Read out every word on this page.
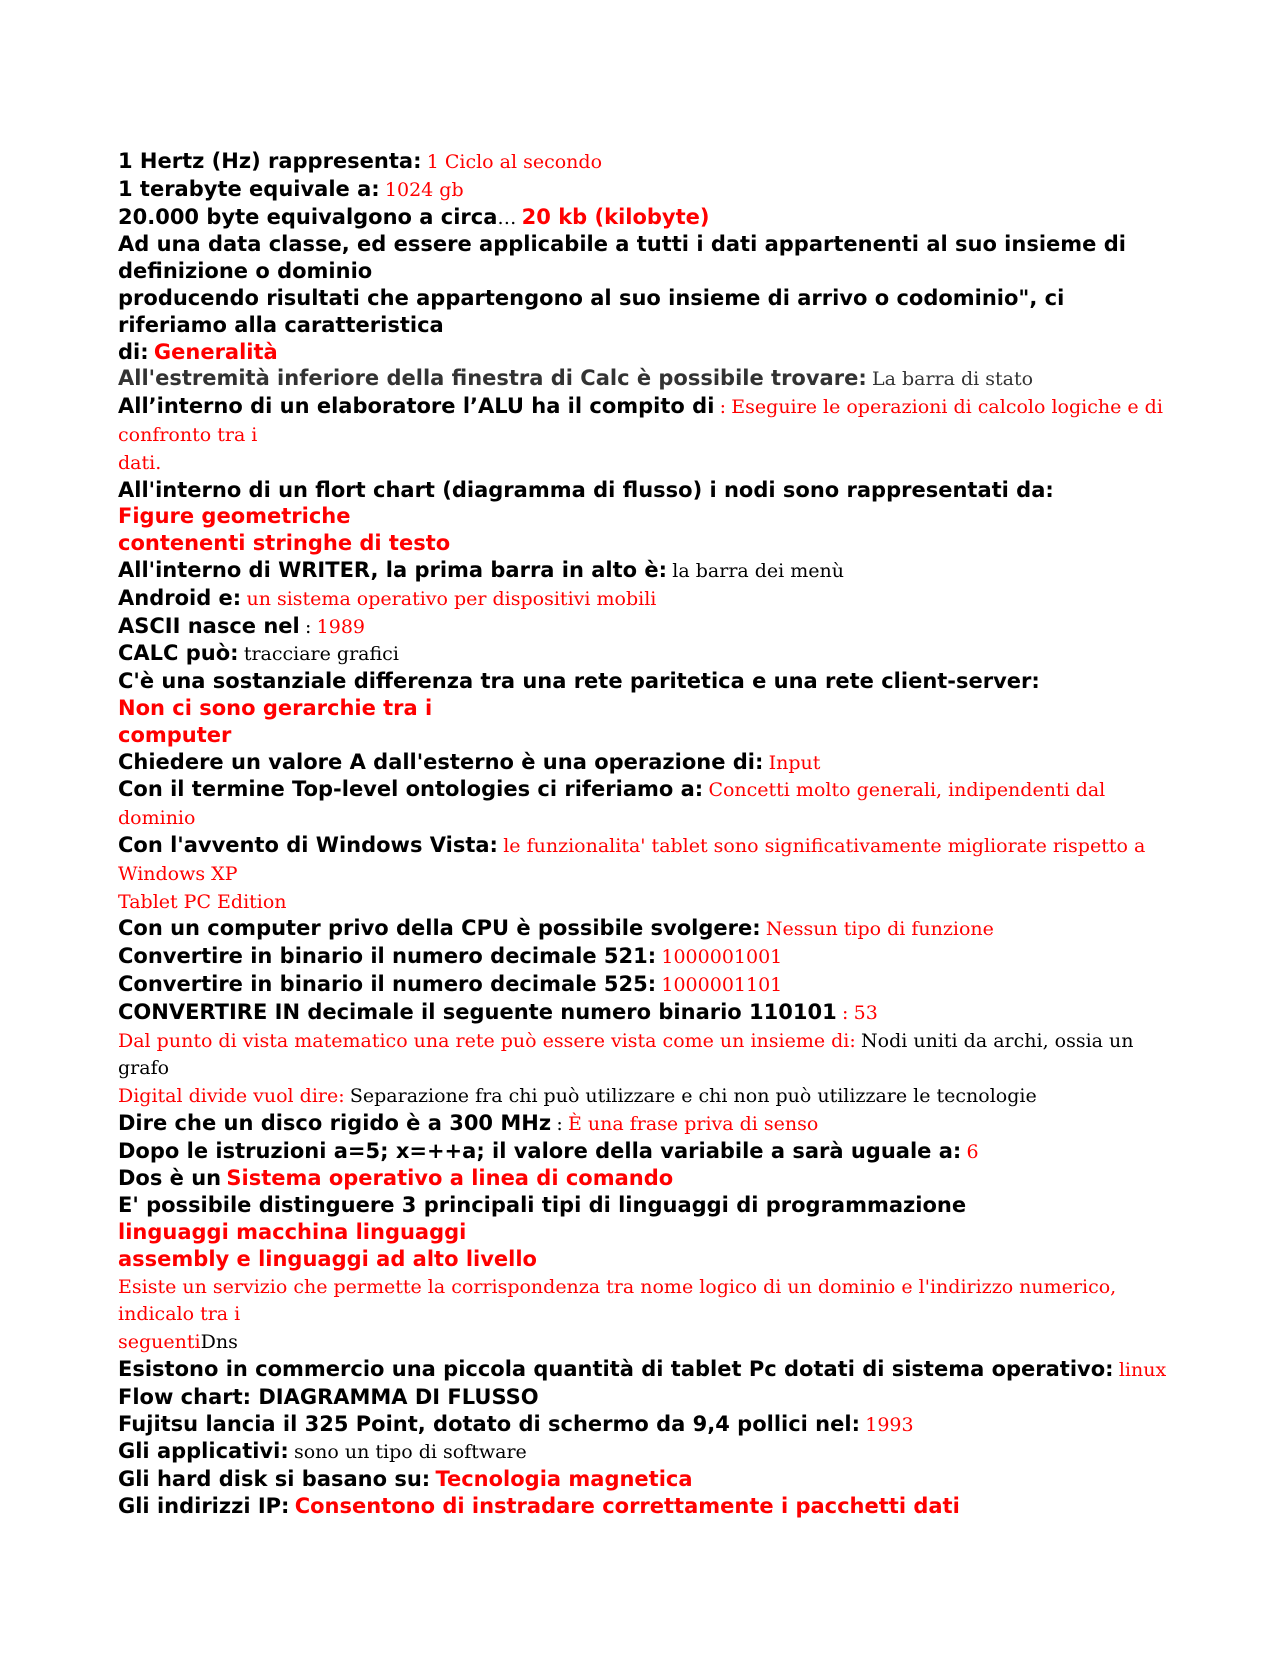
1 Hertz (Hz) rappresenta: 1 Ciclo al secondo
1 terabyte equivale a: 1024 gb
20.000 byte equivalgono a circa… 20 kb (kilobyte)
Ad una data classe, ed essere applicabile a tutti i dati appartenenti al suo insieme di definizione o dominio
producendo risultati che appartengono al suo insieme di arrivo o codominio", ci riferiamo alla caratteristica
di: Generalità
All'estremità inferiore della finestra di Calc è possibile trovare: La barra di stato
All’interno di un elaboratore l’ALU ha il compito di : Eseguire le operazioni di calcolo logiche e di confronto tra i
dati.
All'interno di un flort chart (diagramma di flusso) i nodi sono rappresentati da:
Figure geometriche
contenenti stringhe di testo
All'interno di WRITER, la prima barra in alto è: la barra dei menù
Android e: un sistema operativo per dispositivi mobili
ASCII nasce nel : 1989
CALC può: tracciare grafici
C'è una sostanziale differenza tra una rete paritetica e una rete client-server:
Non ci sono gerarchie tra i
computer
Chiedere un valore A dall'esterno è una operazione di: Input
Con il termine Top-level ontologies ci riferiamo a: Concetti molto generali, indipendenti dal dominio
Con l'avvento di Windows Vista: le funzionalita' tablet sono significativamente migliorate rispetto a Windows XP
Tablet PC Edition
Con un computer privo della CPU è possibile svolgere: Nessun tipo di funzione
Convertire in binario il numero decimale 521: 1000001001
Convertire in binario il numero decimale 525: 1000001101
CONVERTIRE IN decimale il seguente numero binario 110101 : 53
Dal punto di vista matematico una rete può essere vista come un insieme di: Nodi uniti da archi, ossia un grafo
Digital divide vuol dire: Separazione fra chi può utilizzare e chi non può utilizzare le tecnologie
Dire che un disco rigido è a 300 MHz : È una frase priva di senso
Dopo le istruzioni a=5; x=++a; il valore della variabile a sarà uguale a: 6
Dos è un Sistema operativo a linea di comando
E' possibile distinguere 3 principali tipi di linguaggi di programmazione
linguaggi macchina linguaggi
assembly e linguaggi ad alto livello
Esiste un servizio che permette la corrispondenza tra nome logico di un dominio e l'indirizzo numerico, indicalo tra i
seguentiDns
Esistono in commercio una piccola quantità di tablet Pc dotati di sistema operativo: linux
Flow chart: DIAGRAMMA DI FLUSSO
Fujitsu lancia il 325 Point, dotato di schermo da 9,4 pollici nel: 1993
Gli applicativi: sono un tipo di software
Gli hard disk si basano su: Tecnologia magnetica
Gli indirizzi IP: Consentono di instradare correttamente i pacchetti dati
